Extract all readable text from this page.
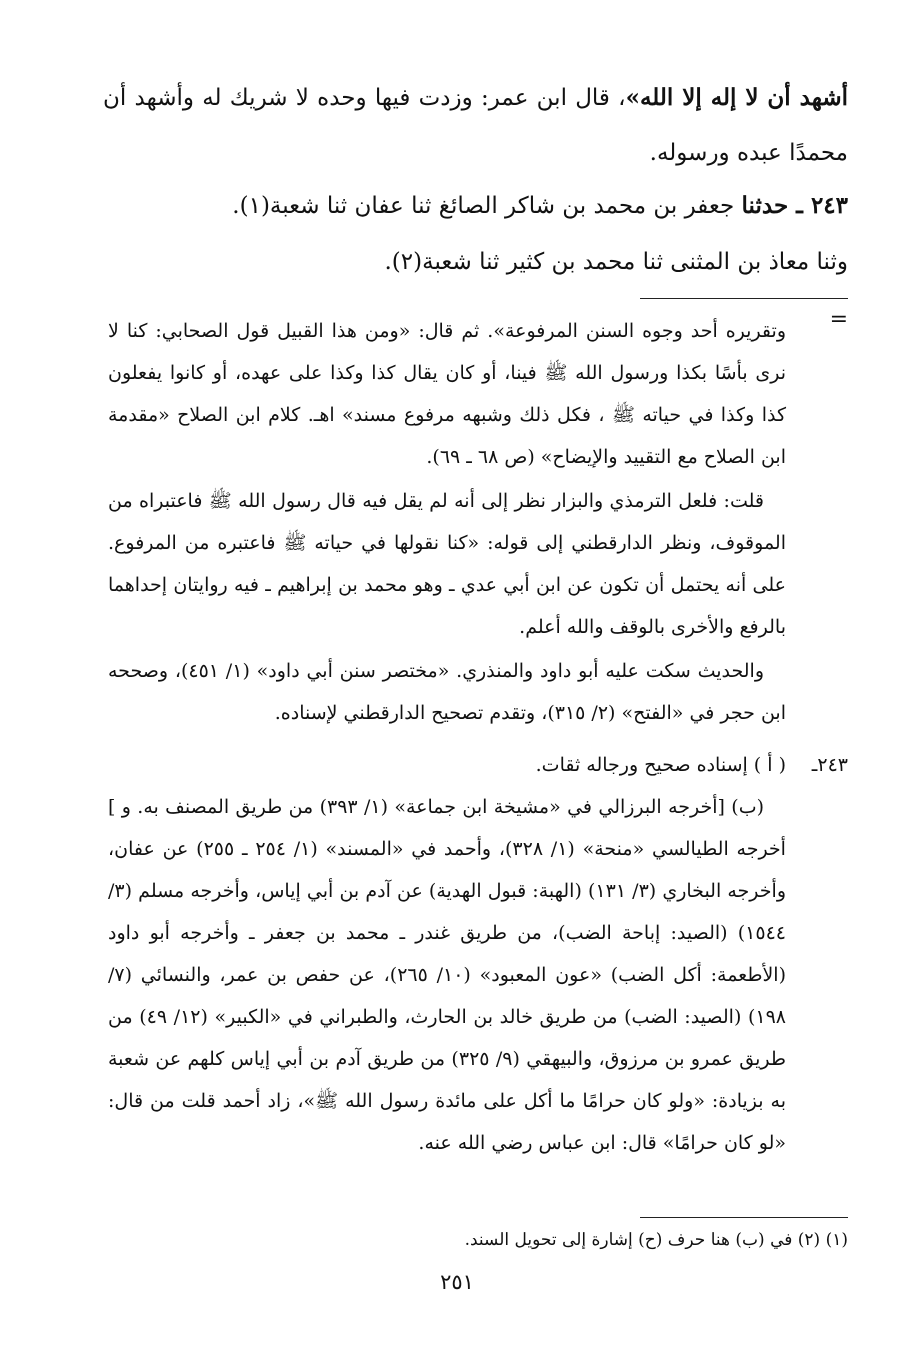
أشهد أن لا إله إلا الله»، قال ابن عمر: وزدت فيها وحده لا شريك له وأشهد أن محمدًا عبده ورسوله.

٢٤٣ ـ حدثنا جعفر بن محمد بن شاكر الصائغ ثنا عفان ثنا شعبة(١).

وثنا معاذ بن المثنى ثنا محمد بن كثير ثنا شعبة(٢).

=

وتقريره أحد وجوه السنن المرفوعة». ثم قال: «ومن هذا القبيل قول الصحابي: كنا لا نرى بأسًا بكذا ورسول الله ﷺ فينا، أو كان يقال كذا وكذا على عهده، أو كانوا يفعلون كذا وكذا في حياته ﷺ ، فكل ذلك وشبهه مرفوع مسند» اهـ. كلام ابن الصلاح «مقدمة ابن الصلاح مع التقييد والإيضاح» (ص ٦٨ ـ ٦٩).

قلت: فلعل الترمذي والبزار نظر إلى أنه لم يقل فيه قال رسول الله ﷺ فاعتبراه من الموقوف، ونظر الدارقطني إلى قوله: «كنا نقولها في حياته ﷺ فاعتبره من المرفوع. على أنه يحتمل أن تكون عن ابن أبي عدي ـ وهو محمد بن إبراهيم ـ فيه روايتان إحداهما بالرفع والأخرى بالوقف والله أعلم.

والحديث سكت عليه أبو داود والمنذري. «مختصر سنن أبي داود» (١/ ٤٥١)، وصححه ابن حجر في «الفتح» (٢/ ٣١٥)، وتقدم تصحيح الدارقطني لإسناده.

٢٤٣ـ

( أ ) إسناده صحيح ورجاله ثقات.

(ب) [أخرجه البرزالي في «مشيخة ابن جماعة» (١/ ٣٩٣) من طريق المصنف به. و ] أخرجه الطيالسي «منحة» (١/ ٣٢٨)، وأحمد في «المسند» (١/ ٢٥٤ ـ ٢٥٥) عن عفان، وأخرجه البخاري (٣/ ١٣١) (الهبة: قبول الهدية) عن آدم بن أبي إياس، وأخرجه مسلم (٣/ ١٥٤٤) (الصيد: إباحة الضب)، من طريق غندر ـ محمد بن جعفر ـ وأخرجه أبو داود (الأطعمة: أكل الضب) «عون المعبود» (١٠/ ٢٦٥)، عن حفص بن عمر، والنسائي (٧/ ١٩٨) (الصيد: الضب) من طريق خالد بن الحارث، والطبراني في «الكبير» (١٢/ ٤٩) من طريق عمرو بن مرزوق، والبيهقي (٩/ ٣٢٥) من طريق آدم بن أبي إياس كلهم عن شعبة به بزيادة: «ولو كان حرامًا ما أكل على مائدة رسول الله ﷺ»، زاد أحمد قلت من قال: «لو كان حرامًا» قال: ابن عباس رضي الله عنه.

(١) (٢) في (ب) هنا حرف (ح) إشارة إلى تحويل السند.
٢٥١
